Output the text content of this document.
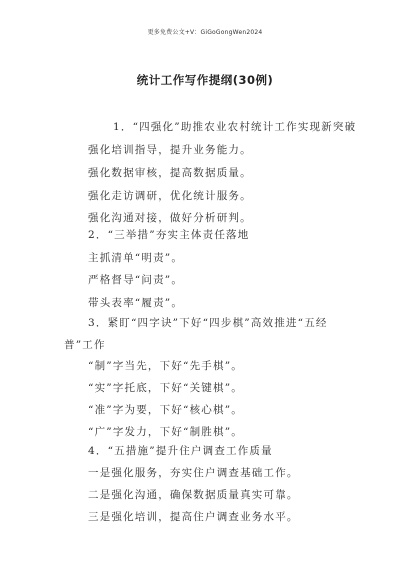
更多免费公文+V：GiGoGongWen2024
统计工作写作提纲(30例)
1．“四强化”助推农业农村统计工作实现新突破
强化培训指导，提升业务能力。
强化数据审核，提高数据质量。
强化走访调研，优化统计服务。
强化沟通对接，做好分析研判。
2．“三举措”夯实主体责任落地
主抓清单“明责”。
严格督导“问责”。
带头表率“履责”。
3．紧盯“四字诀”下好“四步棋”高效推进“五经
普”工作
“制”字当先，下好“先手棋”。
“实”字托底，下好“关键棋”。
“准”字为要，下好“核心棋”。
“广”字发力，下好“制胜棋”。
4．“五措施”提升住户调查工作质量
一是强化服务，夯实住户调查基础工作。
二是强化沟通，确保数据质量真实可靠。
三是强化培训，提高住户调查业务水平。
